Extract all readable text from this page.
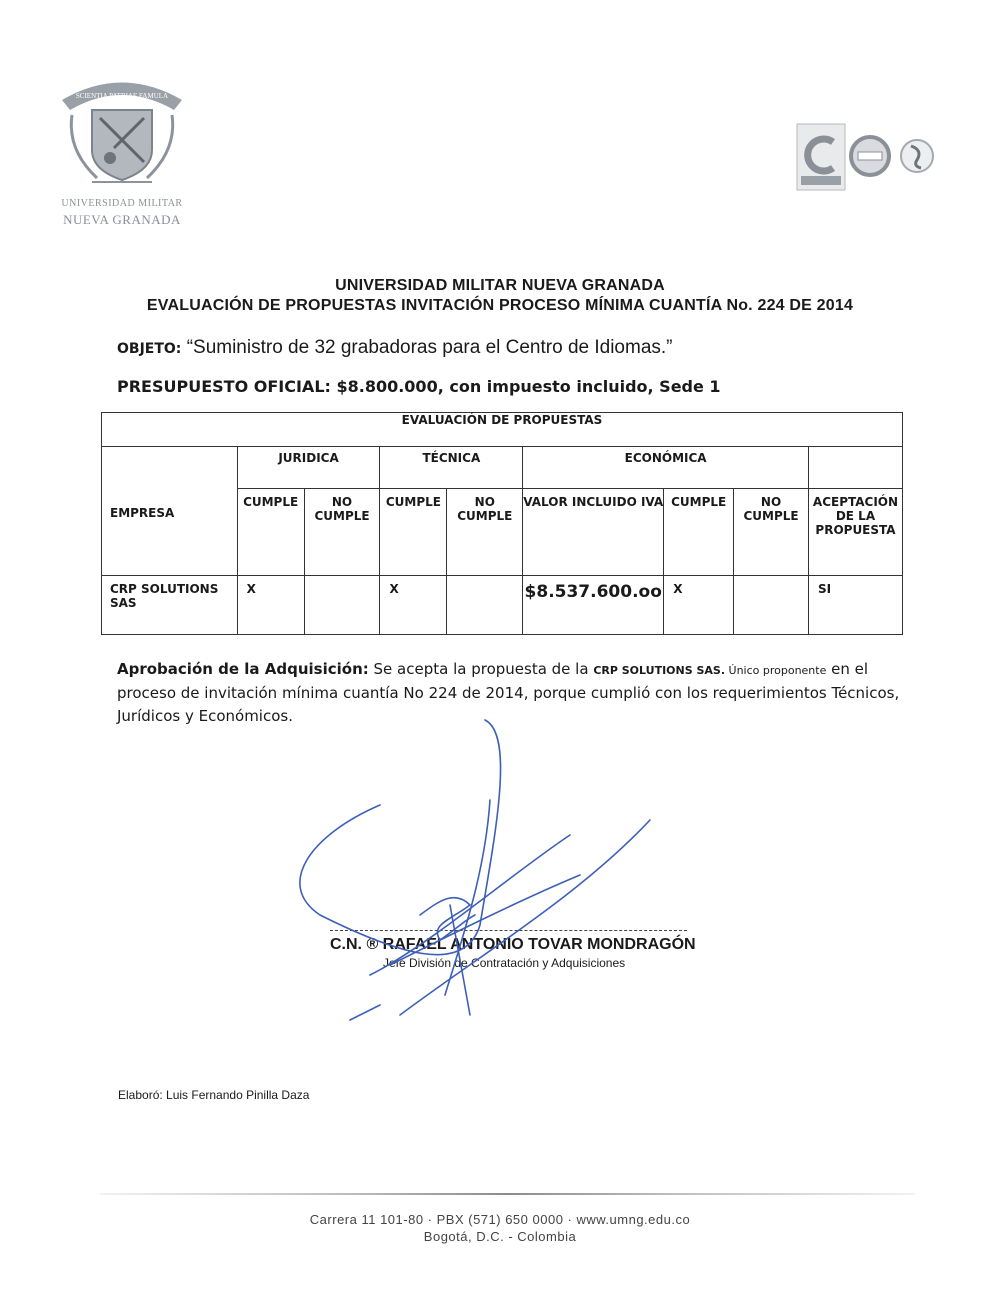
SCIENTIA PATRIAE FAMULA
UNIVERSIDAD MILITAR
NUEVA GRANADA
UNIVERSIDAD MILITAR NUEVA GRANADA
EVALUACIÓN DE PROPUESTAS INVITACIÓN PROCESO MÍNIMA CUANTÍA No. 224 DE 2014
OBJETO: “Suministro de 32 grabadoras para el Centro de Idiomas.”
PRESUPUESTO OFICIAL: $8.800.000, con impuesto incluido, Sede 1
EVALUACIÓN DE PROPUESTAS								
EMPRESA	JURIDICA		TÉCNICA		ECONÓMICA			
	CUMPLE	NO CUMPLE	CUMPLE	NO CUMPLE	VALOR INCLUIDO IVA	CUMPLE	NO CUMPLE	ACEPTACIÓN DE LA PROPUESTA
CRP SOLUTIONS SAS	X		X		$8.537.600.oo	X		SI
Aprobación de la Adquisición: Se acepta la propuesta de la CRP SOLUTIONS SAS. Único proponente en el proceso de invitación mínima cuantía No 224 de 2014, porque cumplió con los requerimientos Técnicos, Jurídicos y Económicos.
C.N. ® RAFAEL ANTONIO TOVAR MONDRAGÓN
Jefe División de Contratación y Adquisiciones
Elaboró: Luis Fernando Pinilla Daza
Carrera 11 101-80 · PBX (571) 650 0000 · www.umng.edu.co
Bogotá, D.C. - Colombia
